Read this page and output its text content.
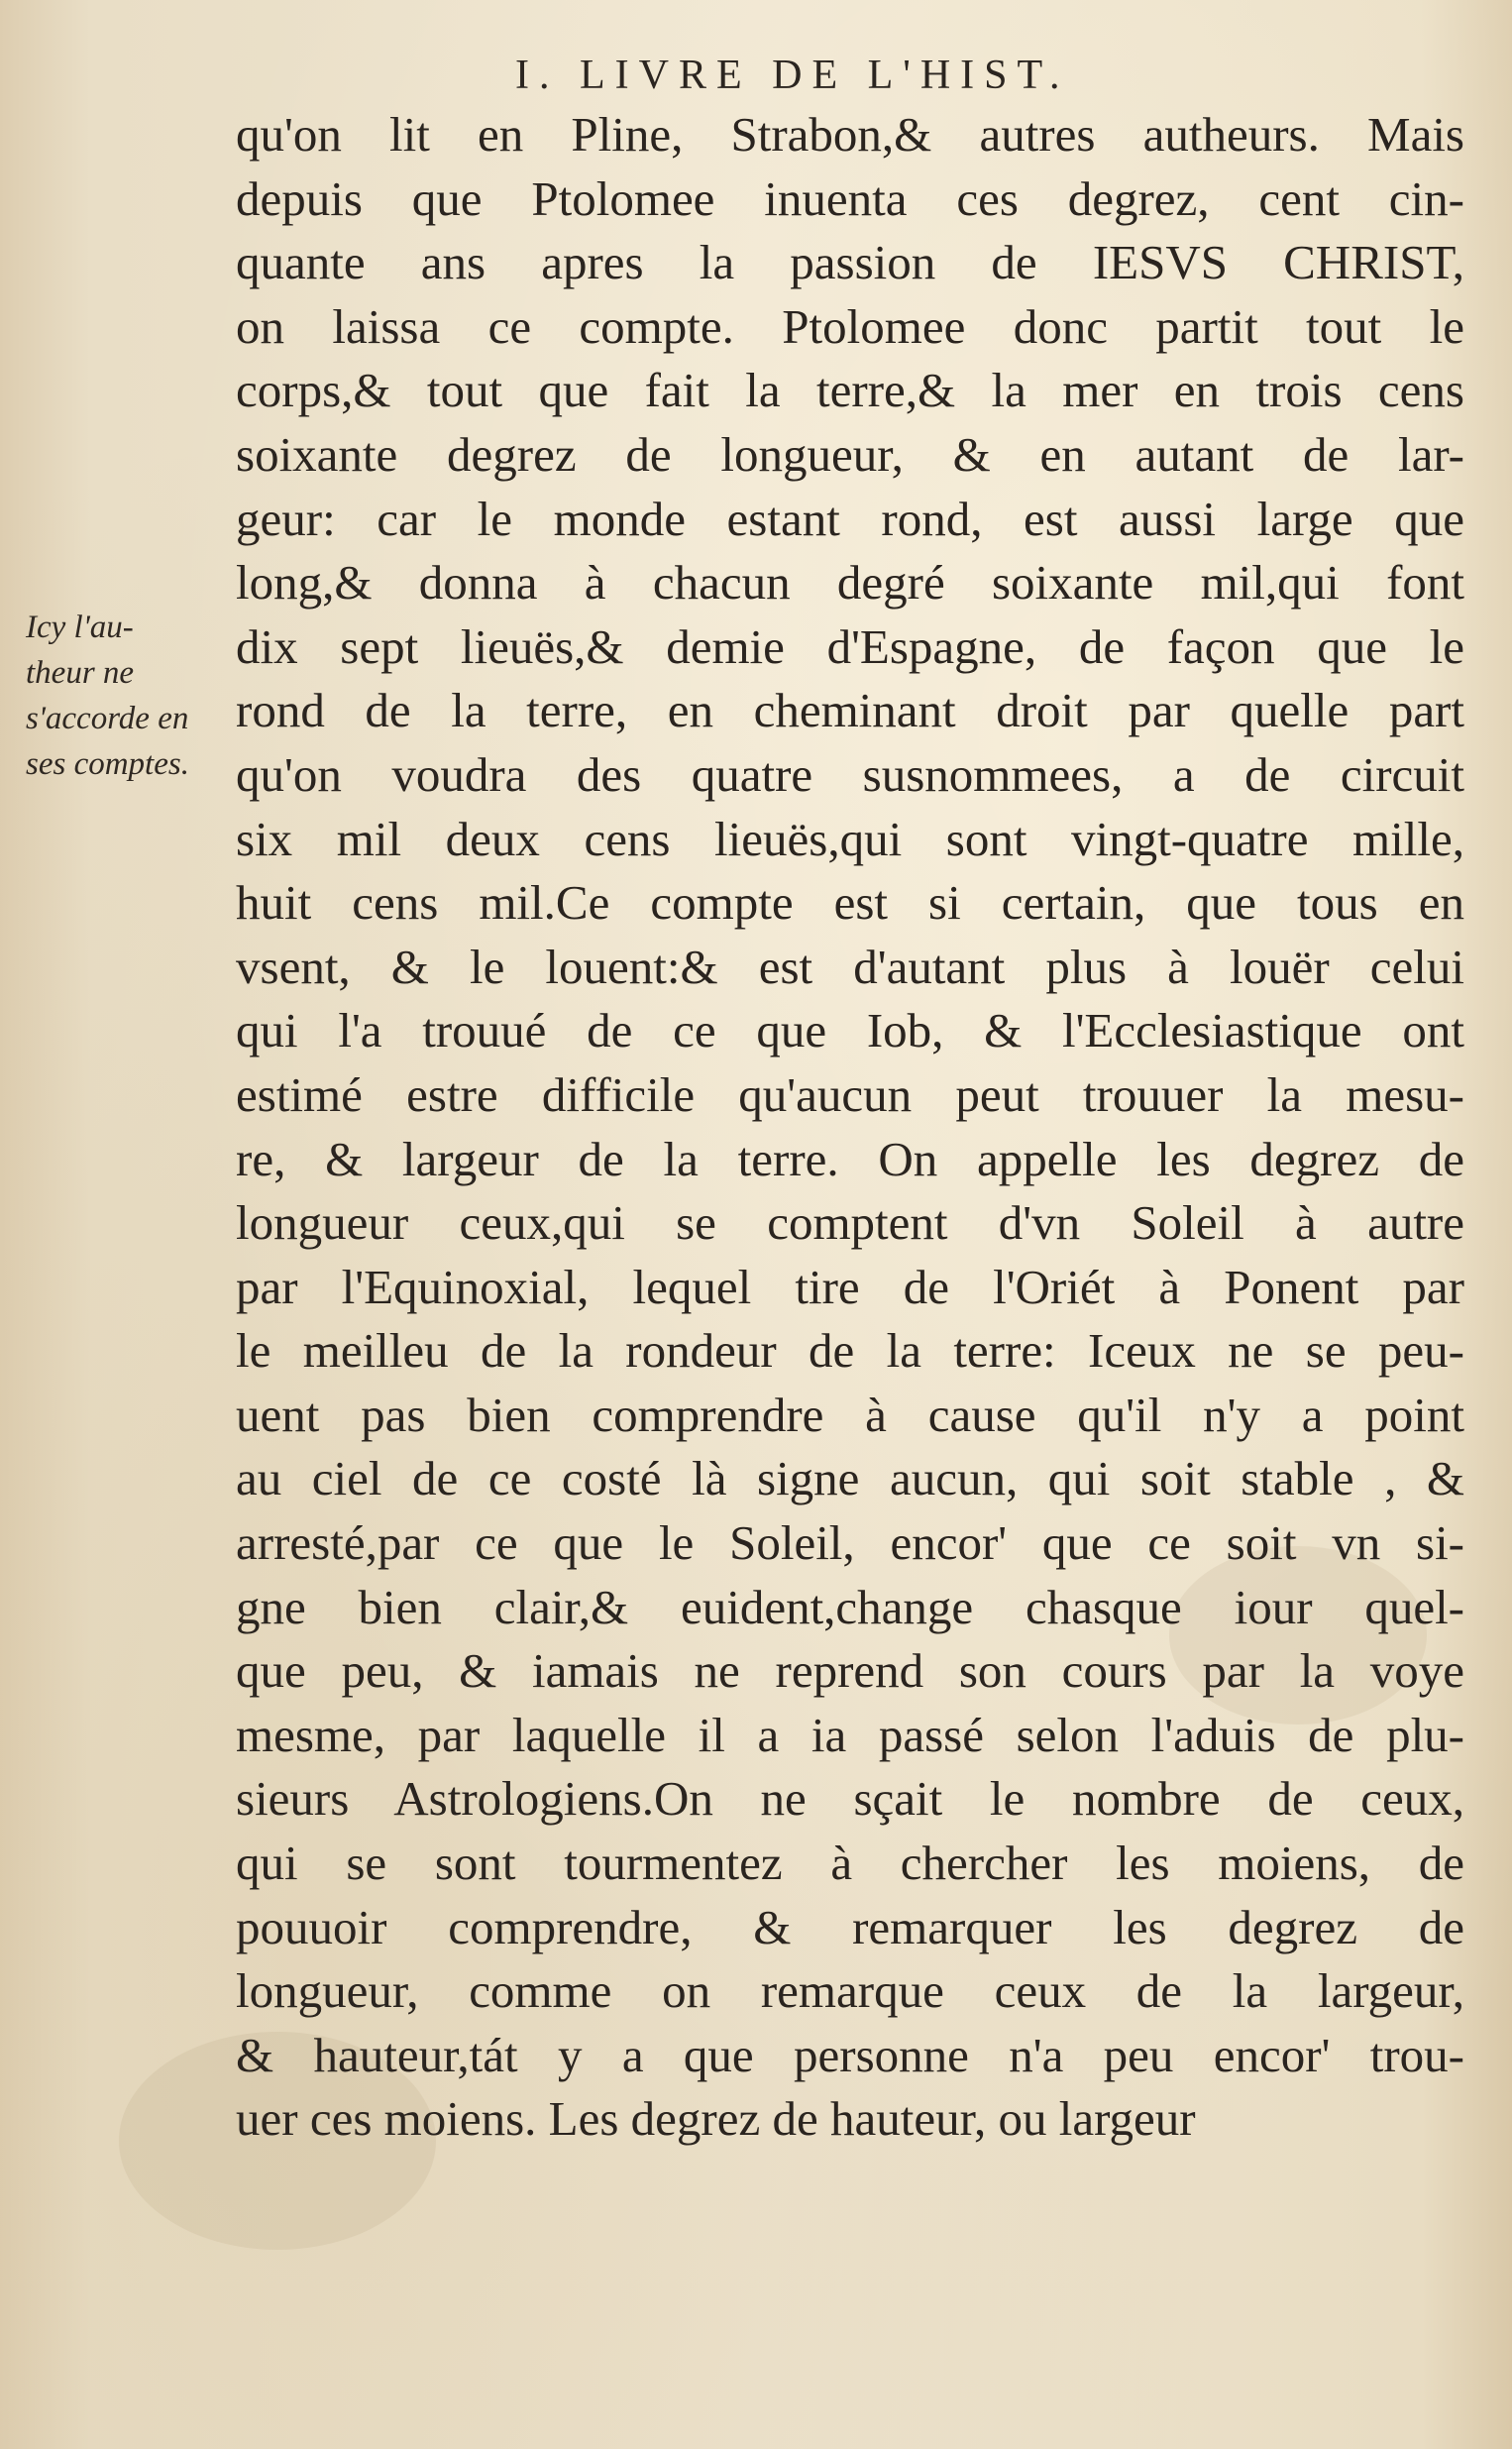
I. LIVRE DE L'HIST.
Icy l'au-
theur ne
s'accorde en
ses comptes.
qu'on lit en Pline, Strabon,& autres autheurs. Mais
depuis que Ptolomee inuenta ces degrez, cent cin-
quante ans apres la passion de IESVS CHRIST,
on laissa ce compte. Ptolomee donc partit tout le
corps,& tout que fait la terre,& la mer en trois cens
soixante degrez de longueur, & en autant de lar-
geur: car le monde estant rond, est aussi large que
long,& donna à chacun degré soixante mil,qui font
dix sept lieuës,& demie d'Espagne, de façon que le
rond de la terre, en cheminant droit par quelle part
qu'on voudra des quatre susnommees, a de circuit
six mil deux cens lieuës,qui sont vingt-quatre mille,
huit cens mil.Ce compte est si certain, que tous en
vsent, & le louent:& est d'autant plus à louër celui
qui l'a trouué de ce que Iob, & l'Ecclesiastique ont
estimé estre difficile qu'aucun peut trouuer la mesu-
re, & largeur de la terre. On appelle les degrez de
longueur ceux,qui se comptent d'vn Soleil à autre
par l'Equinoxial, lequel tire de l'Oriét à Ponent par
le meilleu de la rondeur de la terre: Iceux ne se peu-
uent pas bien comprendre à cause qu'il n'y a point
au ciel de ce costé là signe aucun, qui soit stable , &
arresté,par ce que le Soleil, encor' que ce soit vn si-
gne bien clair,& euident,change chasque iour quel-
que peu, & iamais ne reprend son cours par la voye
mesme, par laquelle il a ia passé selon l'aduis de plu-
sieurs Astrologiens.On ne sçait le nombre de ceux,
qui se sont tourmentez à chercher les moiens, de
pouuoir comprendre, & remarquer les degrez de
longueur, comme on remarque ceux de la largeur,
& hauteur,tát y a que personne n'a peu encor' trou-
uer ces moiens. Les degrez de hauteur, ou largeur
